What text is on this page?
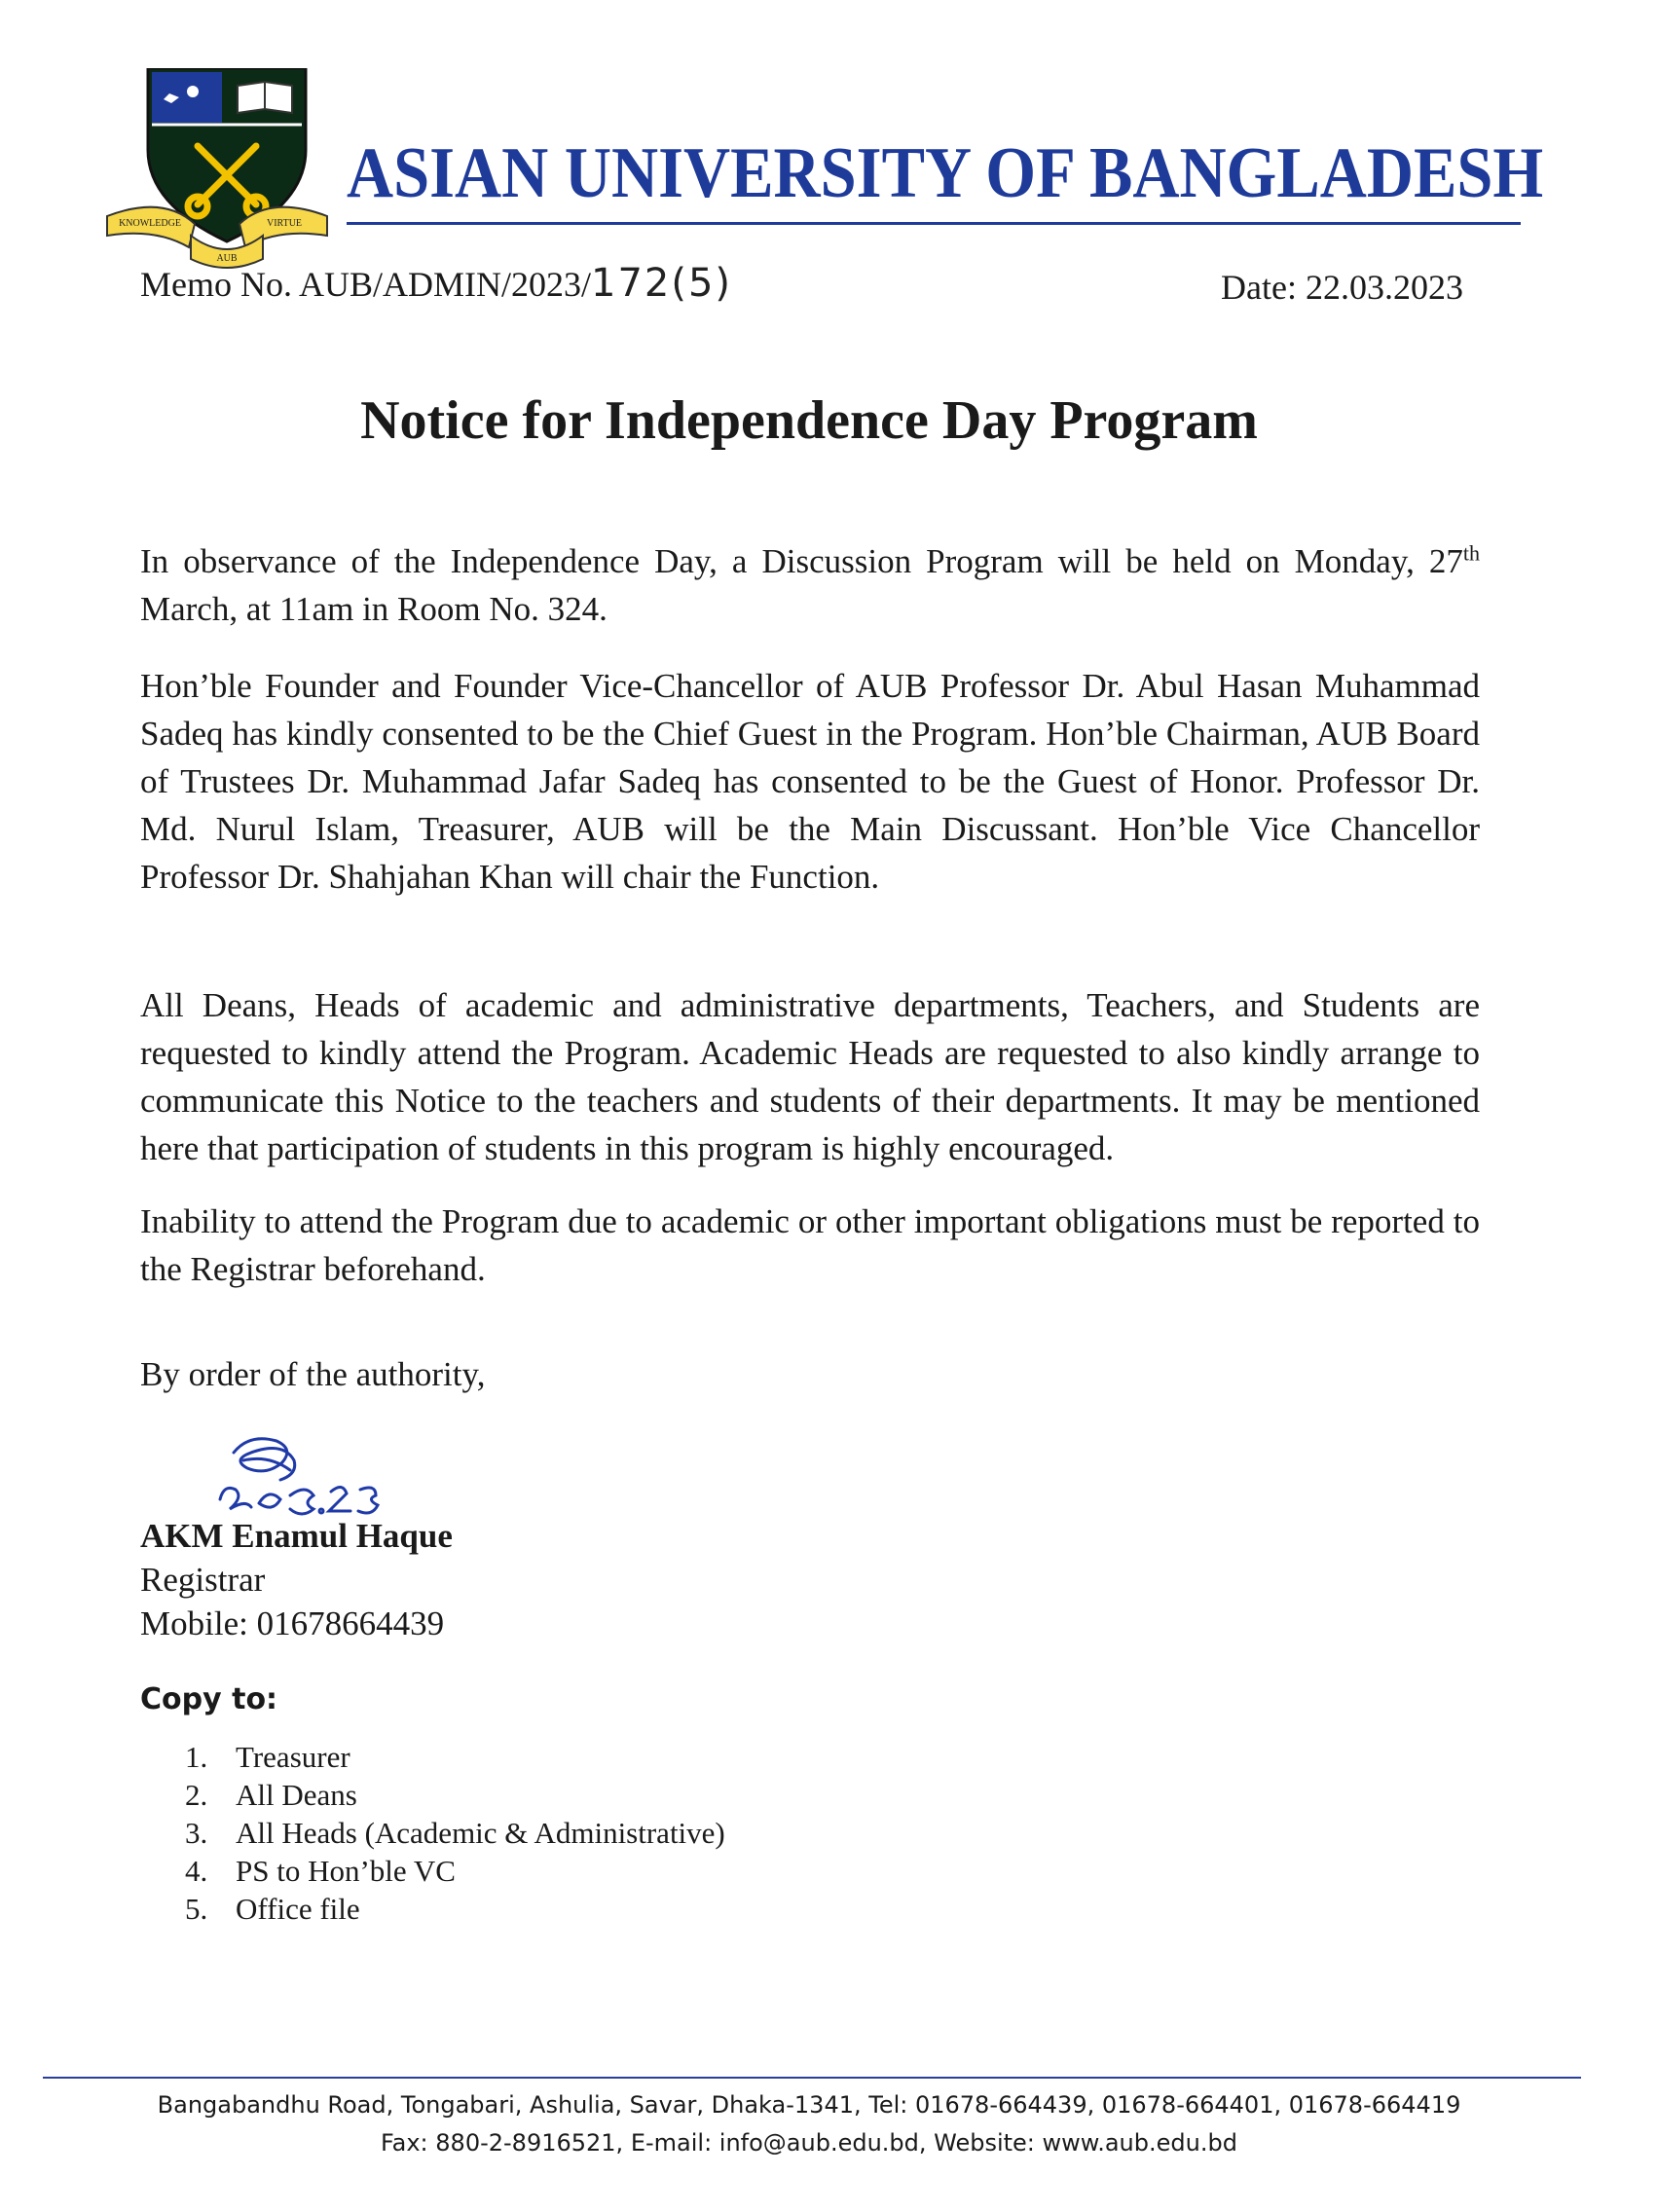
KNOWLEDGE	VIRTUE
AUB
ASIAN UNIVERSITY OF BANGLADESH
Memo No. AUB/ADMIN/2023/172(5)	Date: 22.03.2023
Notice for Independence Day Program
In observance of the Independence Day, a Discussion Program will be held on Monday, 27th March, at 11am in Room No. 324.
Hon’ble Founder and Founder Vice-Chancellor of AUB Professor Dr. Abul Hasan Muhammad Sadeq has kindly consented to be the Chief Guest in the Program. Hon’ble Chairman, AUB Board of Trustees Dr. Muhammad Jafar Sadeq has consented to be the Guest of Honor. Professor Dr. Md. Nurul Islam, Treasurer, AUB will be the Main Discussant. Hon’ble Vice Chancellor Professor Dr. Shahjahan Khan will chair the Function.
All Deans, Heads of academic and administrative departments, Teachers, and Students are requested to kindly attend the Program. Academic Heads are requested to also kindly arrange to communicate this Notice to the teachers and students of their departments. It may be mentioned here that participation of students in this program is highly encouraged.
Inability to attend the Program due to academic or other important obligations must be reported to the Registrar beforehand.
By order of the authority,
AKM Enamul Haque
Registrar
Mobile: 01678664439
Copy to:
1. Treasurer
2. All Deans
3. All Heads (Academic & Administrative)
4. PS to Hon’ble VC
5. Office file
Bangabandhu Road, Tongabari, Ashulia, Savar, Dhaka-1341, Tel: 01678-664439, 01678-664401, 01678-664419
Fax: 880-2-8916521, E-mail: info@aub.edu.bd, Website: www.aub.edu.bd
